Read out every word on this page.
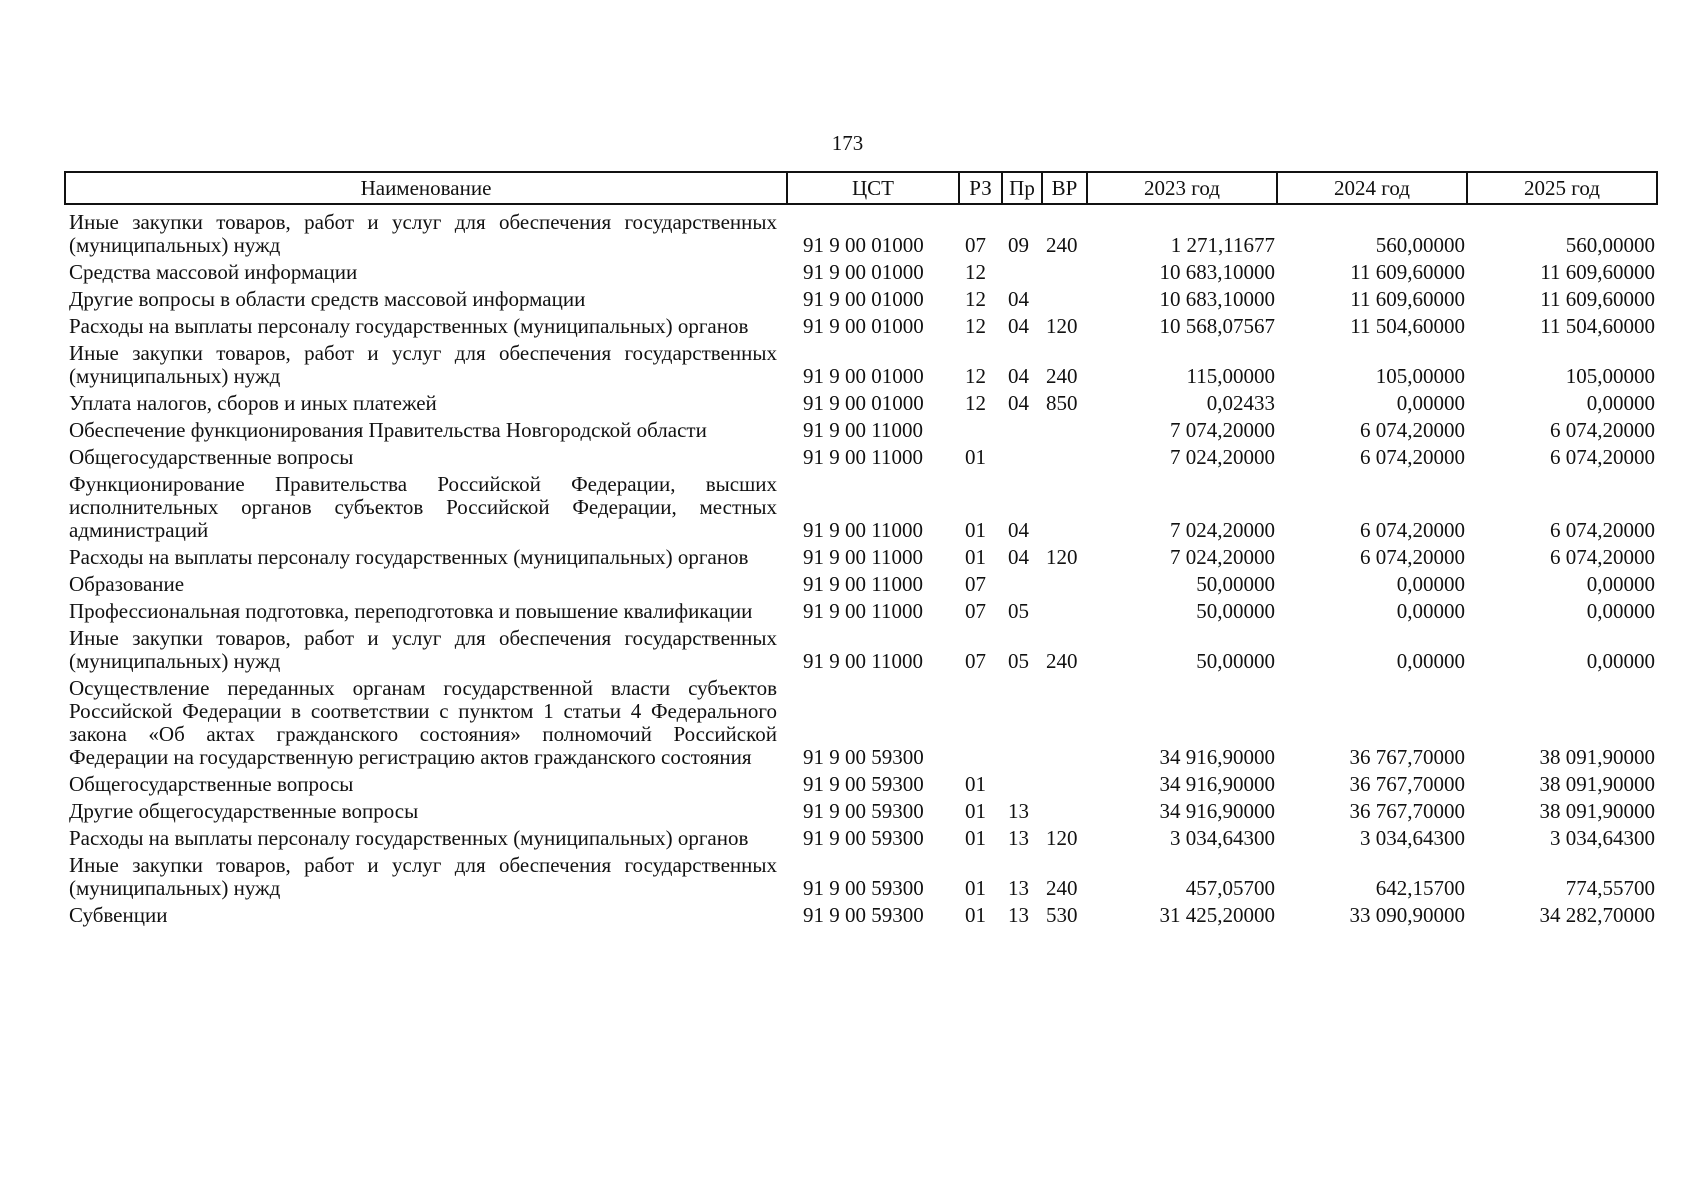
173
Наименование	ЦСТ	РЗ	Пр	ВР	2023 год	2024 год	2025 год
Иные закупки товаров, работ и услуг для обеспечения государственных (муниципальных) нужд	91 9 00 01000	07	09	240	1 271,11677	560,00000	560,00000
Средства массовой информации	91 9 00 01000	12			10 683,10000	11 609,60000	11 609,60000
Другие вопросы в области средств массовой информации	91 9 00 01000	12	04		10 683,10000	11 609,60000	11 609,60000
Расходы на выплаты персоналу государственных (муниципальных) органов	91 9 00 01000	12	04	120	10 568,07567	11 504,60000	11 504,60000
Иные закупки товаров, работ и услуг для обеспечения государственных (муниципальных) нужд	91 9 00 01000	12	04	240	115,00000	105,00000	105,00000
Уплата налогов, сборов и иных платежей	91 9 00 01000	12	04	850	0,02433	0,00000	0,00000
Обеспечение функционирования Правительства Новгородской области	91 9 00 11000				7 074,20000	6 074,20000	6 074,20000
Общегосударственные вопросы	91 9 00 11000	01			7 024,20000	6 074,20000	6 074,20000
Функционирование Правительства Российской Федерации, высших исполнительных органов субъектов Российской Федерации, местных администраций	91 9 00 11000	01	04		7 024,20000	6 074,20000	6 074,20000
Расходы на выплаты персоналу государственных (муниципальных) органов	91 9 00 11000	01	04	120	7 024,20000	6 074,20000	6 074,20000
Образование	91 9 00 11000	07			50,00000	0,00000	0,00000
Профессиональная подготовка, переподготовка и повышение квалификации	91 9 00 11000	07	05		50,00000	0,00000	0,00000
Иные закупки товаров, работ и услуг для обеспечения государственных (муниципальных) нужд	91 9 00 11000	07	05	240	50,00000	0,00000	0,00000
Осуществление переданных органам государственной власти субъектов Российской Федерации в соответствии с пунктом 1 статьи 4 Федерального закона «Об актах гражданского состояния» полномочий Российской Федерации на государственную регистрацию актов гражданского состояния	91 9 00 59300				34 916,90000	36 767,70000	38 091,90000
Общегосударственные вопросы	91 9 00 59300	01			34 916,90000	36 767,70000	38 091,90000
Другие общегосударственные вопросы	91 9 00 59300	01	13		34 916,90000	36 767,70000	38 091,90000
Расходы на выплаты персоналу государственных (муниципальных) органов	91 9 00 59300	01	13	120	3 034,64300	3 034,64300	3 034,64300
Иные закупки товаров, работ и услуг для обеспечения государственных (муниципальных) нужд	91 9 00 59300	01	13	240	457,05700	642,15700	774,55700
Субвенции	91 9 00 59300	01	13	530	31 425,20000	33 090,90000	34 282,70000
